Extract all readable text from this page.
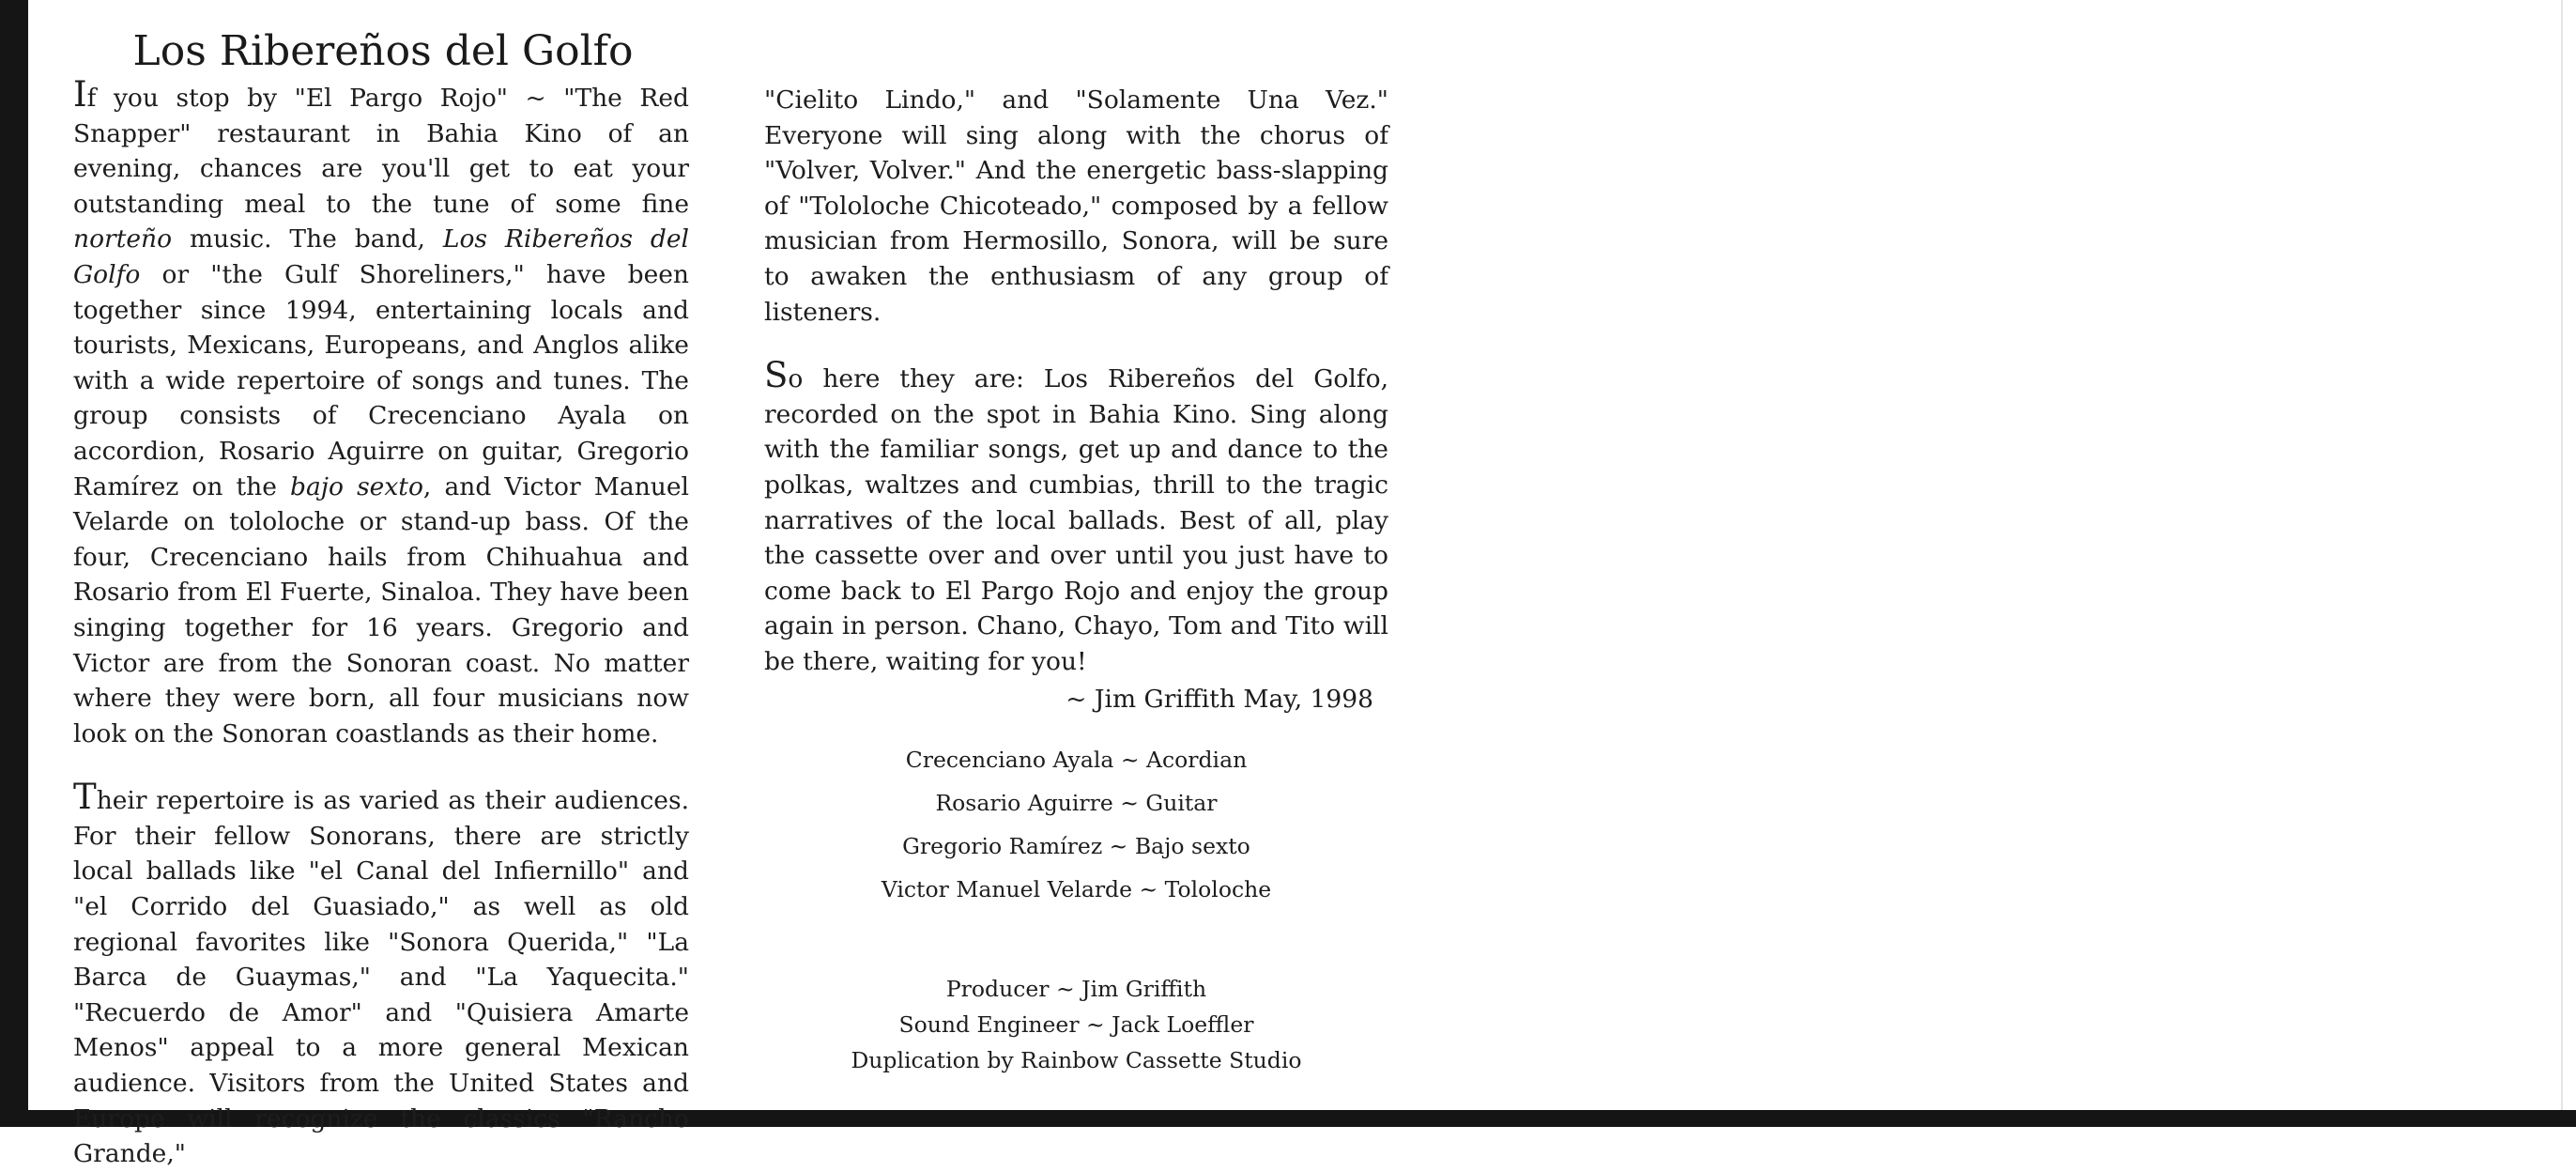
Los Ribereños del Golfo

If you stop by "El Pargo Rojo" ~ "The Red Snapper" restaurant in Bahia Kino of an evening, chances are you'll get to eat your outstanding meal to the tune of some fine norteño music. The band, Los Ribereños del Golfo or "the Gulf Shoreliners," have been together since 1994, entertaining locals and tourists, Mexicans, Europeans, and Anglos alike with a wide repertoire of songs and tunes. The group consists of Crecenciano Ayala on accordion, Rosario Aguirre on guitar, Gregorio Ramírez on the bajo sexto, and Victor Manuel Velarde on tololoche or stand-up bass. Of the four, Crecenciano hails from Chihuahua and Rosario from El Fuerte, Sinaloa. They have been singing together for 16 years. Gregorio and Victor are from the Sonoran coast. No matter where they were born, all four musicians now look on the Sonoran coastlands as their home.

Their repertoire is as varied as their audiences. For their fellow Sonorans, there are strictly local ballads like "el Canal del Infiernillo" and "el Corrido del Guasiado," as well as old regional favorites like "Sonora Querida," "La Barca de Guaymas," and "La Yaquecita." "Recuerdo de Amor" and "Quisiera Amarte Menos" appeal to a more general Mexican audience. Visitors from the United States and Europe will recognize the classics "Rancho Grande,"

"Cielito Lindo," and "Solamente Una Vez." Everyone will sing along with the chorus of "Volver, Volver." And the energetic bass-slapping of "Tololoche Chicoteado," composed by a fellow musician from Hermosillo, Sonora, will be sure to awaken the enthusiasm of any group of listeners.

So here they are: Los Ribereños del Golfo, recorded on the spot in Bahia Kino. Sing along with the familiar songs, get up and dance to the polkas, waltzes and cumbias, thrill to the tragic narratives of the local ballads. Best of all, play the cassette over and over until you just have to come back to El Pargo Rojo and enjoy the group again in person. Chano, Chayo, Tom and Tito will be there, waiting for you!

~ Jim Griffith May, 1998

Crecenciano Ayala ~ Acordian
Rosario Aguirre ~ Guitar
Gregorio Ramírez ~ Bajo sexto
Victor Manuel Velarde ~ Tololoche
Producer ~ Jim Griffith
Sound Engineer ~ Jack Loeffler
Duplication by Rainbow Cassette Studio
